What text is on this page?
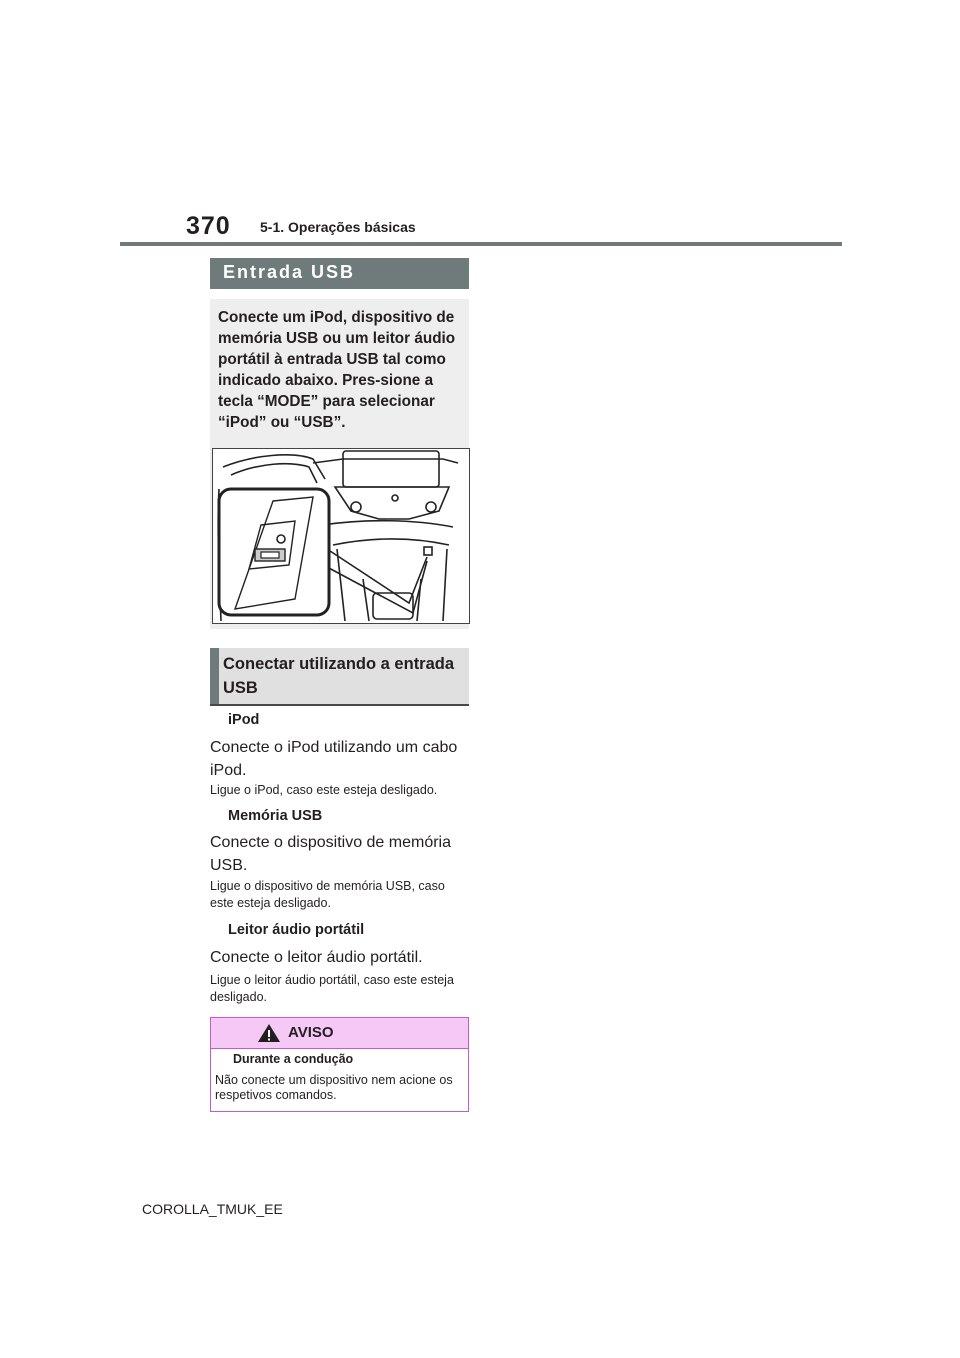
370 5-1. Operações básicas
Entrada USB
Conecte um iPod, dispositivo de memória USB ou um leitor áudio portátil à entrada USB tal como indicado abaixo. Pres-sione a tecla “MODE” para selecionar “iPod” ou “USB”.
Conectar utilizando a entrada USB
iPod
Conecte o iPod utilizando um cabo iPod.
Ligue o iPod, caso este esteja desligado.
Memória USB
Conecte o dispositivo de memória USB.
Ligue o dispositivo de memória USB, caso este esteja desligado.
Leitor áudio portátil
Conecte o leitor áudio portátil.
Ligue o leitor áudio portátil, caso este esteja desligado.
AVISO
Durante a condução
Não conecte um dispositivo nem acione os respetivos comandos.
COROLLA_TMUK_EE
